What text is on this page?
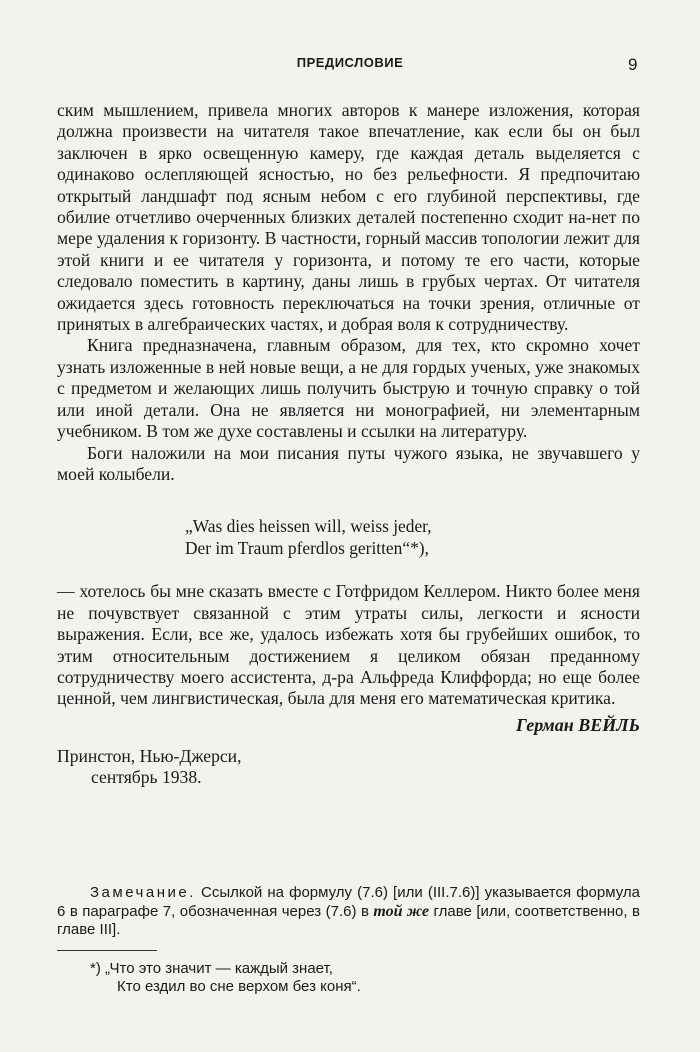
ПРЕДИСЛОВИЕ	9

ским мышлением, привела многих авторов к манере изложения, которая должна произвести на читателя такое впечатление, как если бы он был заключен в ярко освещенную камеру, где каждая деталь выделяется с одинаково ослепляющей ясностью, но без рельефности. Я предпочитаю открытый ландшафт под ясным небом с его глубиной перспективы, где обилие отчетливо очерченных близких деталей постепенно сходит на-нет по мере удаления к горизонту. В частности, горный массив топологии лежит для этой книги и ее читателя у горизонта, и потому те его части, которые следовало поместить в картину, даны лишь в грубых чертах. От читателя ожидается здесь готовность переключаться на точки зрения, отличные от принятых в алгебраических частях, и добрая воля к сотрудничеству.

Книга предназначена, главным образом, для тех, кто скромно хочет узнать изложенные в ней новые вещи, а не для гордых ученых, уже знакомых с предметом и желающих лишь получить быструю и точную справку о той или иной детали. Она не является ни монографией, ни элементарным учебником. В том же духе составлены и ссылки на литературу.

Боги наложили на мои писания путы чужого языка, не звучавшего у моей колыбели.

„Was dies heissen will, weiss jeder,
Der im Traum pferdlos geritten“*),

— хотелось бы мне сказать вместе с Готфридом Келлером. Никто более меня не почувствует связанной с этим утраты силы, легкости и ясности выражения. Если, все же, удалось избежать хотя бы грубейших ошибок, то этим относительным достижением я целиком обязан преданному сотрудничеству моего ассистента, д-ра Альфреда Клиффорда; но еще более ценной, чем лингвистическая, была для меня его математическая критика.

Герман ВЕЙЛЬ
Принстон, Нью-Джерси,
сентябрь 1938.
Замечание. Ссылкой на формулу (7.6) [или (III.7.6)] указывается формула 6 в параграфе 7, обозначенная через (7.6) в той же главе [или, соответственно, в главе III].
*) „Что это значит — каждый знает,
Кто ездил во сне верхом без коня“.
